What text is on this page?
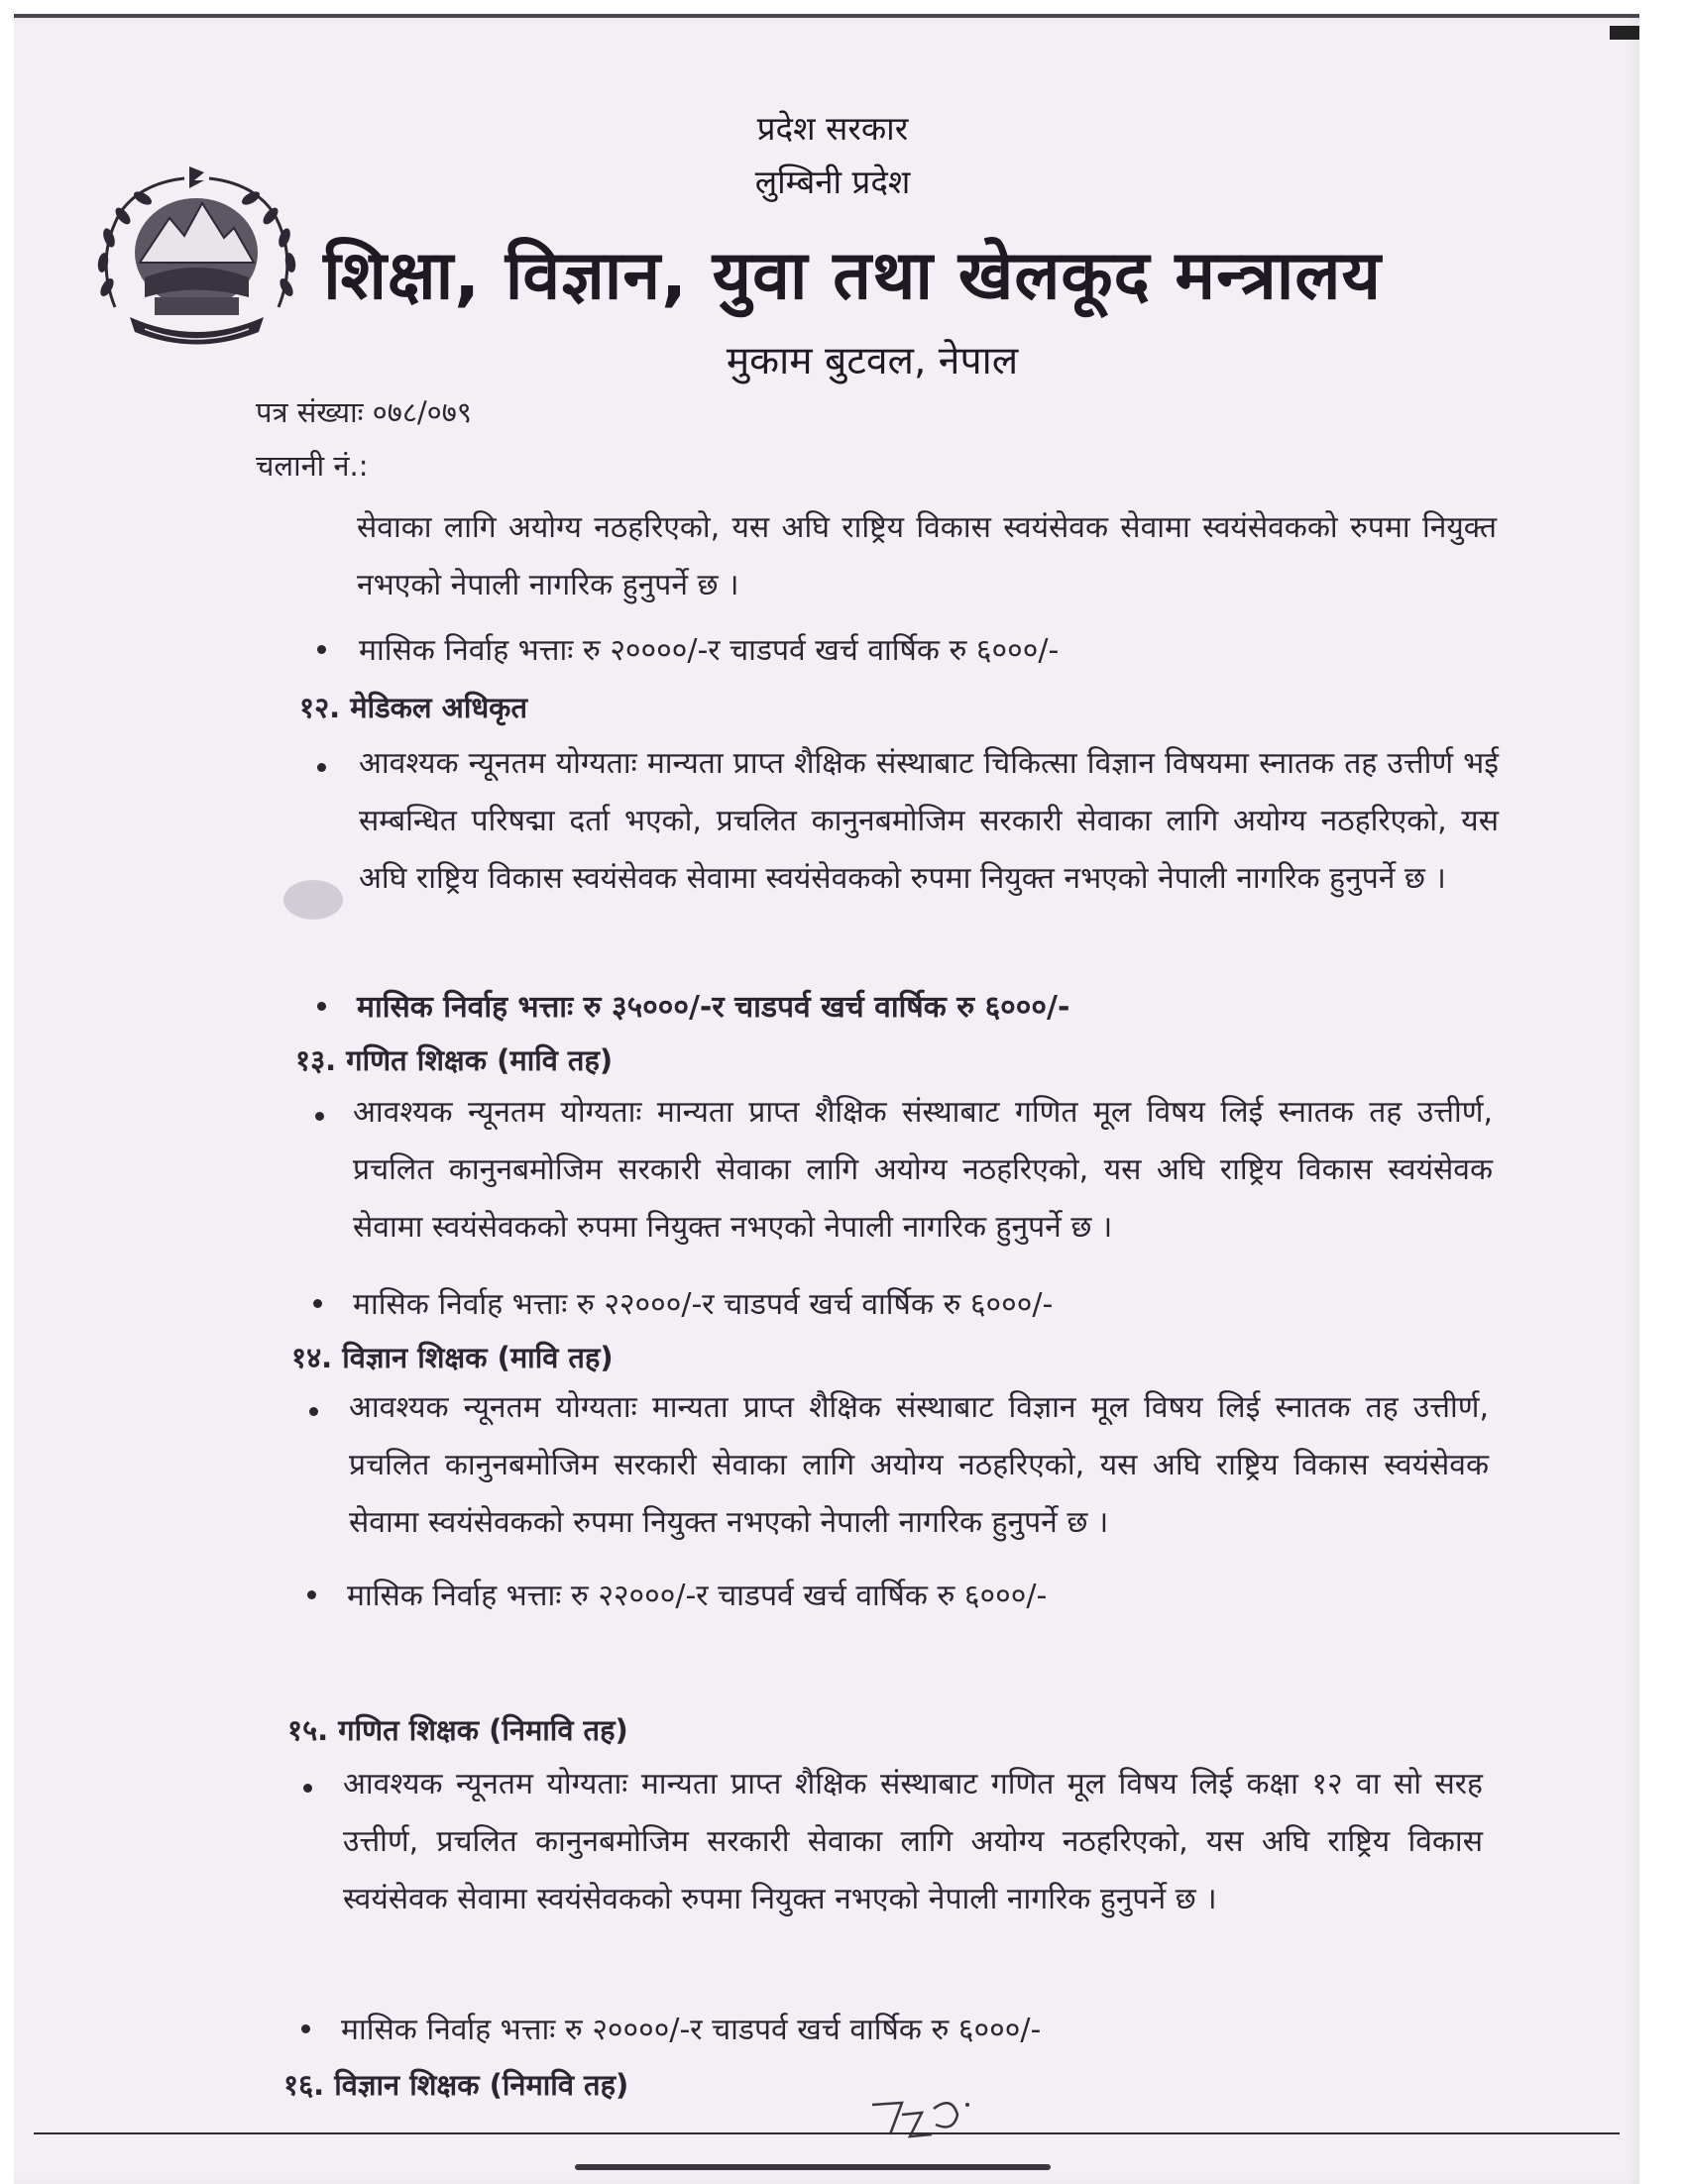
प्रदेश सरकार
लुम्बिनी प्रदेश
शिक्षा, विज्ञान, युवा तथा खेलकूद मन्त्रालय
मुकाम बुटवल, नेपाल
पत्र संख्याः ०७८/०७९
चलानी नं.:
सेवाका लागि अयोग्य नठहरिएको, यस अघि राष्ट्रिय विकास स्वयंसेवक सेवामा स्वयंसेवकको रुपमा नियुक्त नभएको नेपाली नागरिक हुनुपर्ने छ ।
मासिक निर्वाह भत्ताः रु २००००/-र चाडपर्व खर्च वार्षिक रु ६०००/-
१२. मेडिकल अधिकृत
आवश्यक न्यूनतम योग्यताः मान्यता प्राप्त शैक्षिक संस्थाबाट चिकित्सा विज्ञान विषयमा स्नातक तह उत्तीर्ण भई सम्बन्धित परिषद्मा दर्ता भएको, प्रचलित कानुनबमोजिम सरकारी सेवाका लागि अयोग्य नठहरिएको, यस अघि राष्ट्रिय विकास स्वयंसेवक सेवामा स्वयंसेवकको रुपमा नियुक्त नभएको नेपाली नागरिक हुनुपर्ने छ ।
मासिक निर्वाह भत्ताः रु ३५०००/-र चाडपर्व खर्च वार्षिक रु ६०००/-
१३. गणित शिक्षक (मावि तह)
आवश्यक न्यूनतम योग्यताः मान्यता प्राप्त शैक्षिक संस्थाबाट गणित मूल विषय लिई स्नातक तह उत्तीर्ण, प्रचलित कानुनबमोजिम सरकारी सेवाका लागि अयोग्य नठहरिएको, यस अघि राष्ट्रिय विकास स्वयंसेवक सेवामा स्वयंसेवकको रुपमा नियुक्त नभएको नेपाली नागरिक हुनुपर्ने छ ।
मासिक निर्वाह भत्ताः रु २२०००/-र चाडपर्व खर्च वार्षिक रु ६०००/-
१४. विज्ञान शिक्षक (मावि तह)
आवश्यक न्यूनतम योग्यताः मान्यता प्राप्त शैक्षिक संस्थाबाट विज्ञान मूल विषय लिई स्नातक तह उत्तीर्ण, प्रचलित कानुनबमोजिम सरकारी सेवाका लागि अयोग्य नठहरिएको, यस अघि राष्ट्रिय विकास स्वयंसेवक सेवामा स्वयंसेवकको रुपमा नियुक्त नभएको नेपाली नागरिक हुनुपर्ने छ ।
मासिक निर्वाह भत्ताः रु २२०००/-र चाडपर्व खर्च वार्षिक रु ६०००/-
१५. गणित शिक्षक (निमावि तह)
आवश्यक न्यूनतम योग्यताः मान्यता प्राप्त शैक्षिक संस्थाबाट गणित मूल विषय लिई कक्षा १२ वा सो सरह उत्तीर्ण, प्रचलित कानुनबमोजिम सरकारी सेवाका लागि अयोग्य नठहरिएको, यस अघि राष्ट्रिय विकास स्वयंसेवक सेवामा स्वयंसेवकको रुपमा नियुक्त नभएको नेपाली नागरिक हुनुपर्ने छ ।
मासिक निर्वाह भत्ताः रु २००००/-र चाडपर्व खर्च वार्षिक रु ६०००/-
१६. विज्ञान शिक्षक (निमावि तह)
